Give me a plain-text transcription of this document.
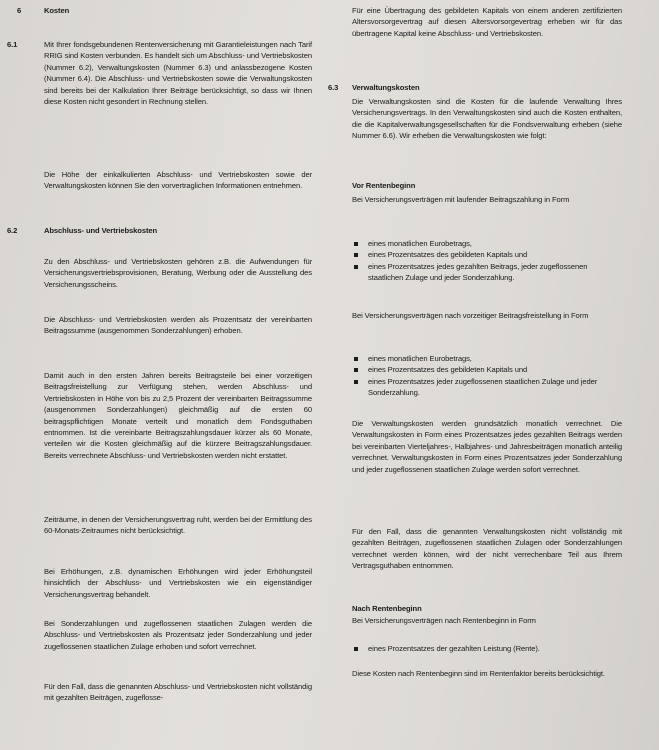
6	Kosten
6.1	Mit Ihrer fondsgebundenen Rentenversicherung mit Garantieleistungen nach Tarif RRIG sind Kosten verbunden. Es handelt sich um Abschluss- und Vertriebskosten (Nummer 6.2), Verwaltungskosten (Nummer 6.3) und anlassbezogene Kosten (Nummer 6.4). Die Abschluss- und Vertriebskosten sowie die Verwaltungskosten sind bereits bei der Kalkulation Ihrer Beiträge berücksichtigt, so dass wir Ihnen diese Kosten nicht gesondert in Rechnung stellen.
Die Höhe der einkalkulierten Abschluss- und Vertriebskosten sowie der Verwaltungskosten können Sie den vorvertraglichen Informationen entnehmen.
6.2	Abschluss- und Vertriebskosten
Zu den Abschluss- und Vertriebskosten gehören z.B. die Aufwendungen für Versicherungsvertriebsprovisionen, Beratung, Werbung oder die Ausstellung des Versicherungsscheins.
Die Abschluss- und Vertriebskosten werden als Prozentsatz der vereinbarten Beitragssumme (ausgenommen Sonderzahlungen) erhoben.
Damit auch in den ersten Jahren bereits Beitragsteile bei einer vorzeitigen Beitragsfreistellung zur Verfügung stehen, werden Abschluss- und Vertriebskosten in Höhe von bis zu 2,5 Prozent der vereinbarten Beitragssumme (ausgenommen Sonderzahlungen) gleichmäßig auf die ersten 60 beitragspflichtigen Monate verteilt und monatlich dem Fondsguthaben entnommen. Ist die vereinbarte Beitragszahlungsdauer kürzer als 60 Monate, verteilen wir die Kosten gleichmäßig auf die kürzere Beitragszahlungsdauer. Bereits verrechnete Abschluss- und Vertriebskosten werden nicht erstattet.
Zeiträume, in denen der Versicherungsvertrag ruht, werden bei der Ermittlung des 60-Monats-Zeitraumes nicht berücksichtigt.
Bei Erhöhungen, z.B. dynamischen Erhöhungen wird jeder Erhöhungsteil hinsichtlich der Abschluss- und Vertriebskosten wie ein eigenständiger Versicherungsvertrag behandelt.
Bei Sonderzahlungen und zugeflossenen staatlichen Zulagen werden die Abschluss- und Vertriebskosten als Prozentsatz jeder Sonderzahlung und jeder zugeflossenen staatlichen Zulage erhoben und sofort verrechnet.
Für den Fall, dass die genannten Abschluss- und Vertriebskosten nicht vollständig mit gezahlten Beiträgen, zugeflosse-
Für eine Übertragung des gebildeten Kapitals von einem anderen zertifizierten Altersvorsorgevertrag auf diesen Altersvorsorgevertrag erheben wir für das übertragene Kapital keine Abschluss- und Vertriebskosten.
6.3 Verwaltungskosten
Die Verwaltungskosten sind die Kosten für die laufende Verwaltung Ihres Versicherungsvertrags. In den Verwaltungskosten sind auch die Kosten enthalten, die die Kapitalverwaltungsgesellschaften für die Fondsverwaltung erheben (siehe Nummer 6.6). Wir erheben die Verwaltungskosten wie folgt:
Vor Rentenbeginn
Bei Versicherungsverträgen mit laufender Beitragszahlung in Form
eines monatlichen Eurobetrags,
eines Prozentsatzes des gebildeten Kapitals und
eines Prozentsatzes jedes gezahlten Beitrags, jeder zugeflossenen staatlichen Zulage und jeder Sonderzahlung.
Bei Versicherungsverträgen nach vorzeitiger Beitragsfreistellung in Form
eines monatlichen Eurobetrags,
eines Prozentsatzes des gebildeten Kapitals und
eines Prozentsatzes jeder zugeflossenen staatlichen Zulage und jeder Sonderzahlung.
Die Verwaltungskosten werden grundsätzlich monatlich verrechnet. Die Verwaltungskosten in Form eines Prozentsatzes jedes gezahlten Beitrags werden bei vereinbarten Vierteljahres-, Halbjahres- und Jahresbeiträgen monatlich anteilig verrechnet. Verwaltungskosten in Form eines Prozentsatzes jeder Sonderzahlung und jeder zugeflossenen staatlichen Zulage werden sofort verrechnet.
Für den Fall, dass die genannten Verwaltungskosten nicht vollständig mit gezahlten Beiträgen, zugeflossenen staatlichen Zulagen oder Sonderzahlungen verrechnet werden können, wird der nicht verrechenbare Teil aus Ihrem Vertragsguthaben entnommen.
Nach Rentenbeginn
Bei Versicherungsverträgen nach Rentenbeginn in Form
eines Prozentsatzes der gezahlten Leistung (Rente).
Diese Kosten nach Rentenbeginn sind im Rentenfaktor bereits berücksichtigt.
